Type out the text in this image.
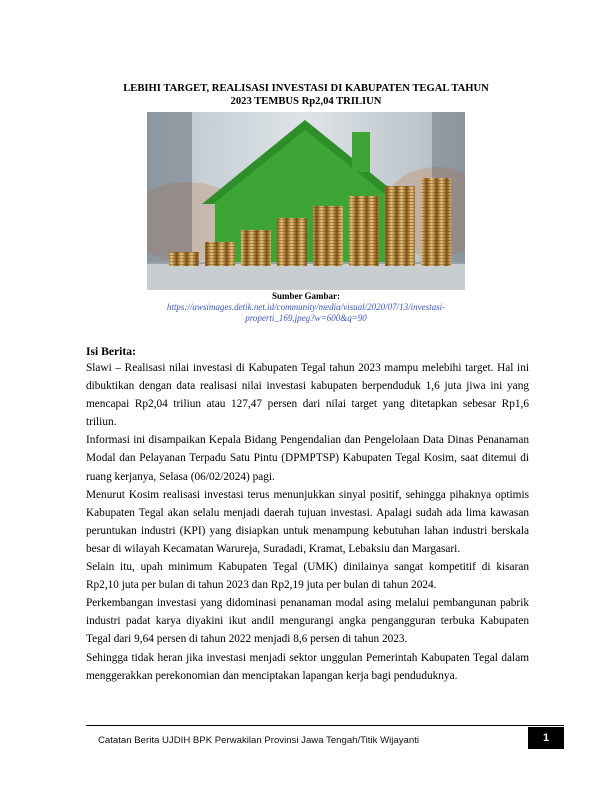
LEBIHI TARGET, REALISASI INVESTASI DI KABUPATEN TEGAL TAHUN
2023 TEMBUS Rp2,04 TRILIUN
Sumber Gambar:
https://awsimages.detik.net.id/community/media/visual/2020/07/13/investasi-
properti_169.jpeg?w=600&q=90
Isi Berita:

Slawi – Realisasi nilai investasi di Kabupaten Tegal tahun 2023 mampu melebihi target. Hal ini dibuktikan dengan data realisasi nilai investasi kabupaten berpenduduk 1,6 juta jiwa ini yang mencapai Rp2,04 triliun atau 127,47 persen dari nilai target yang ditetapkan sebesar Rp1,6 triliun.

Informasi ini disampaikan Kepala Bidang Pengendalian dan Pengelolaan Data Dinas Penanaman Modal dan Pelayanan Terpadu Satu Pintu (DPMPTSP) Kabupaten Tegal Kosim, saat ditemui di ruang kerjanya, Selasa (06/02/2024) pagi.

Menurut Kosim realisasi investasi terus menunjukkan sinyal positif, sehingga pihaknya optimis Kabupaten Tegal akan selalu menjadi daerah tujuan investasi. Apalagi sudah ada lima kawasan peruntukan industri (KPI) yang disiapkan untuk menampung kebutuhan lahan industri berskala besar di wilayah Kecamatan Warureja, Suradadi, Kramat, Lebaksiu dan Margasari.

Selain itu, upah minimum Kabupaten Tegal (UMK) dinilainya sangat kompetitif di kisaran Rp2,10 juta per bulan di tahun 2023 dan Rp2,19 juta per bulan di tahun 2024.

Perkembangan investasi yang didominasi penanaman modal asing melalui pembangunan pabrik industri padat karya diyakini ikut andil mengurangi angka pengangguran terbuka Kabupaten Tegal dari 9,64 persen di tahun 2022 menjadi 8,6 persen di tahun 2023.

Sehingga tidak heran jika investasi menjadi sektor unggulan Pemerintah Kabupaten Tegal dalam menggerakkan perekonomian dan menciptakan lapangan kerja bagi penduduknya.

Catatan Berita UJDIH BPK Perwakilan Provinsi Jawa Tengah/Titik Wijayanti	1
